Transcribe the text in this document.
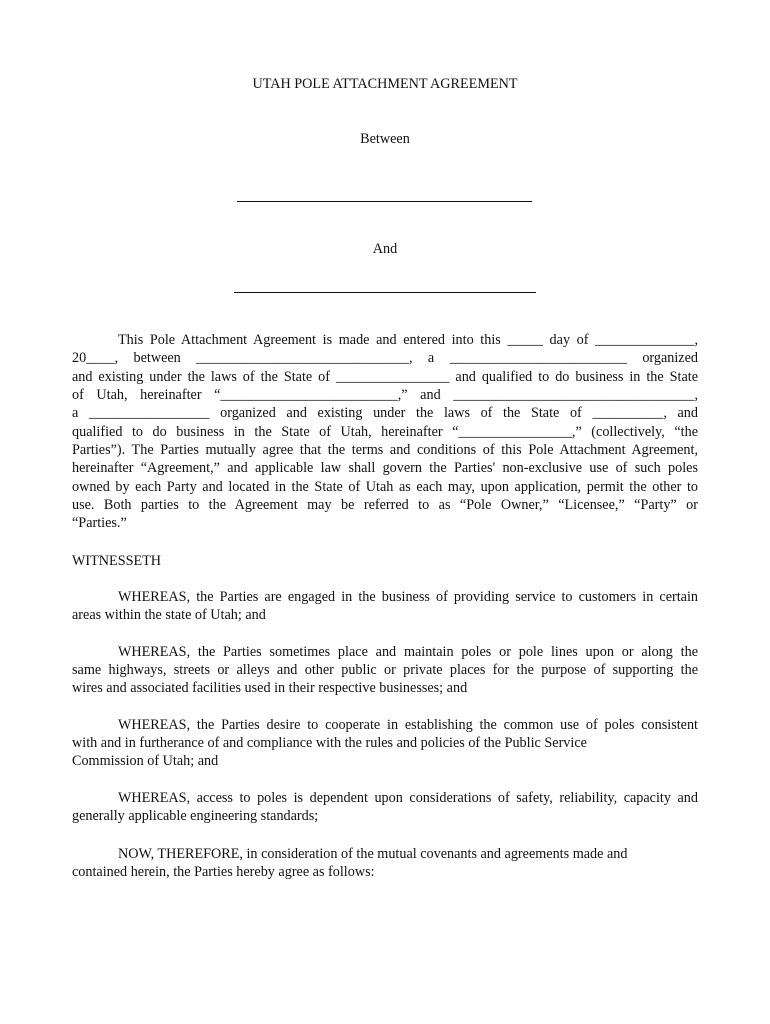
UTAH POLE ATTACHMENT AGREEMENT
Between
And
This Pole Attachment Agreement is made and entered into this _____ day of ______________,
20____, between ______________________________, a _________________________ organized
and existing under the laws of the State of ________________ and qualified to do business in the State
of Utah, hereinafter “_________________________,” and __________________________________,
a _________________ organized and existing under the laws of the State of __________, and
qualified to do business in the State of Utah, hereinafter “________________,” (collectively, “the
Parties”). The Parties mutually agree that the terms and conditions of this Pole Attachment Agreement,
hereinafter “Agreement,” and applicable law shall govern the Parties' non-exclusive use of such poles
owned by each Party and located in the State of Utah as each may, upon application, permit the other to
use. Both parties to the Agreement may be referred to as “Pole Owner,” “Licensee,” “Party” or
“Parties.”
WITNESSETH
WHEREAS, the Parties are engaged in the business of providing service to customers in certain
areas within the state of Utah; and
WHEREAS, the Parties sometimes place and maintain poles or pole lines upon or along the
same highways, streets or alleys and other public or private places for the purpose of supporting the
wires and associated facilities used in their respective businesses; and
WHEREAS, the Parties desire to cooperate in establishing the common use of poles consistent
with and in furtherance of and compliance with the rules and policies of the Public Service
Commission of Utah; and
WHEREAS, access to poles is dependent upon considerations of safety, reliability, capacity and
generally applicable engineering standards;
NOW, THEREFORE, in consideration of the mutual covenants and agreements made and
contained herein, the Parties hereby agree as follows:
